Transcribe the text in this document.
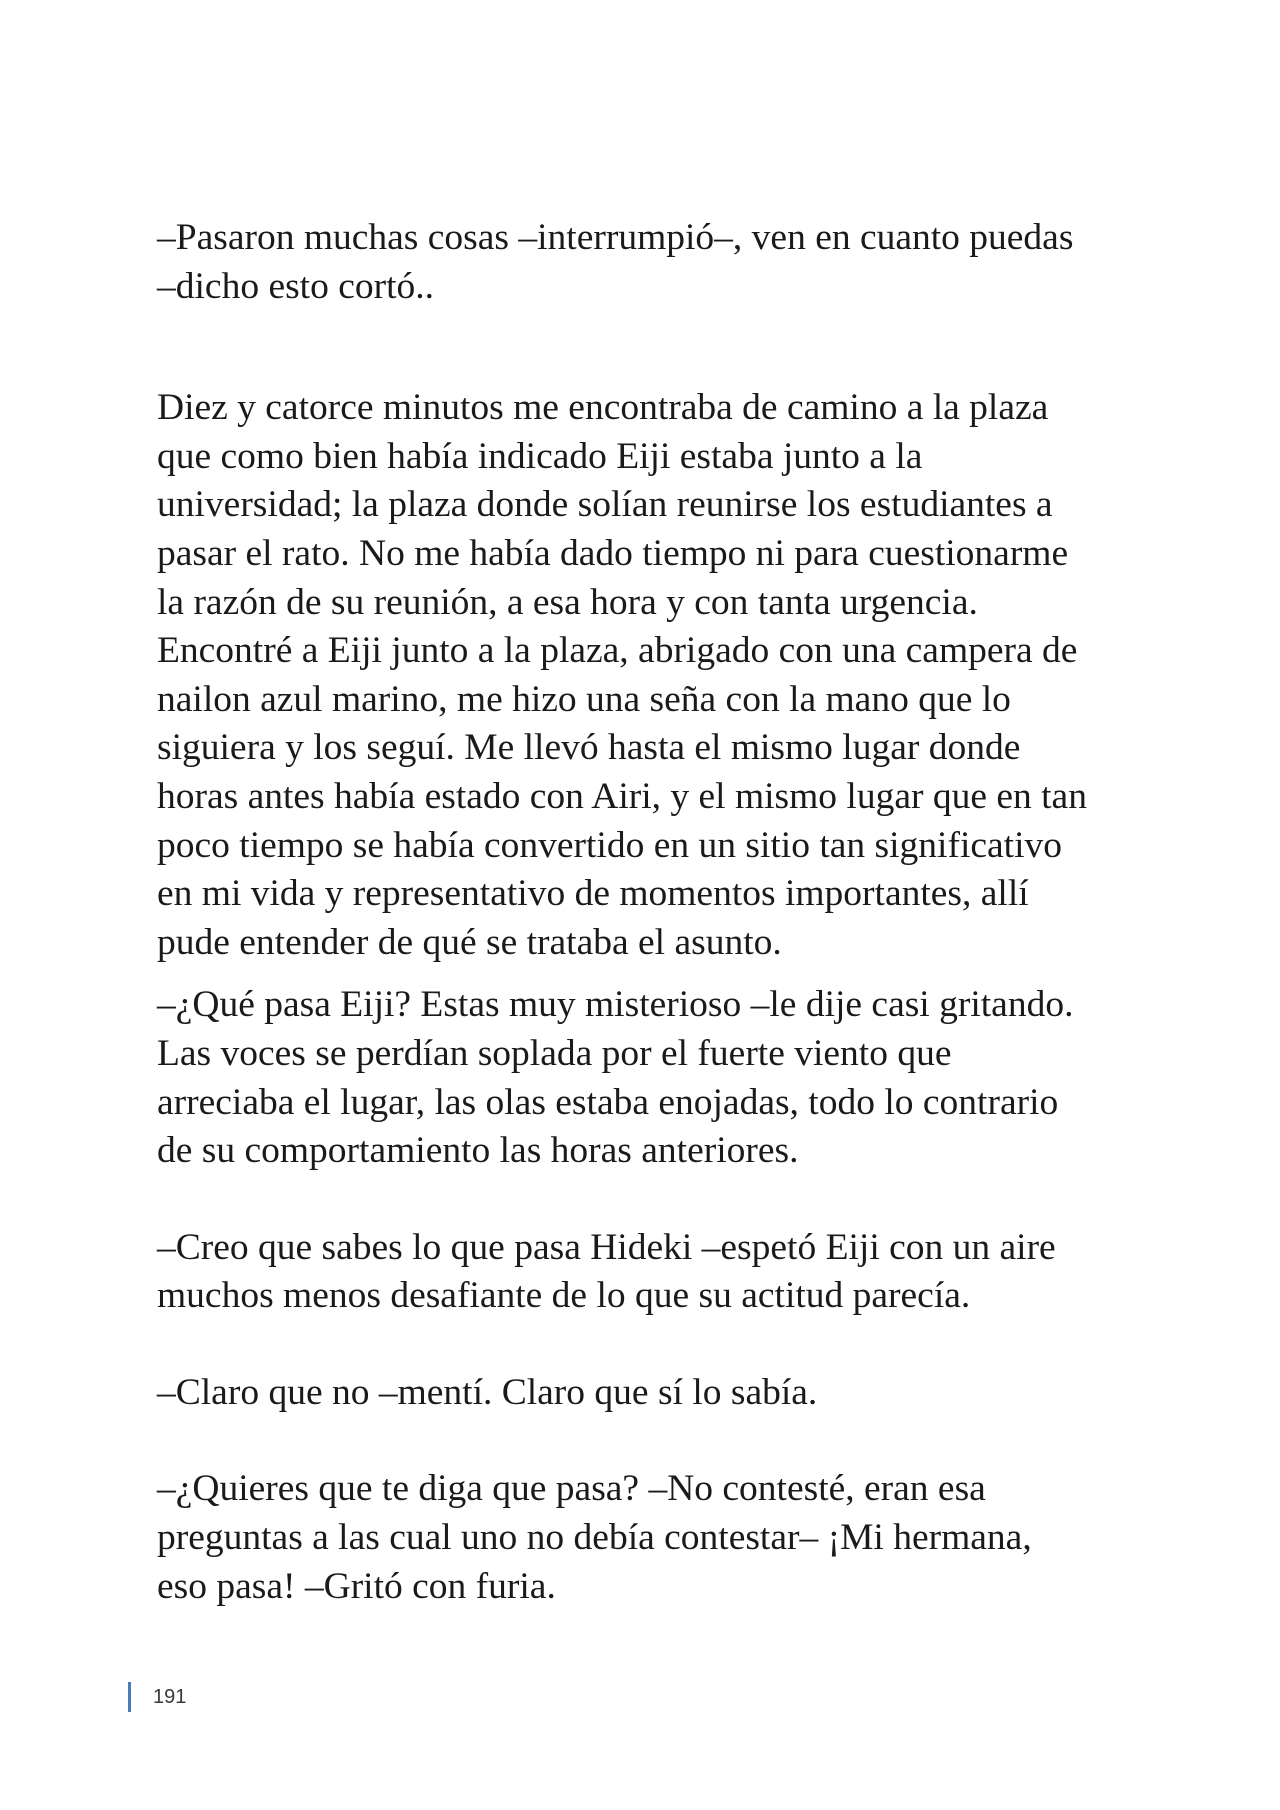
–Pasaron muchas cosas –interrumpió–, ven en cuanto puedas
–dicho esto cortó..

Diez y catorce minutos me encontraba de camino a la plaza
que como bien había indicado Eiji estaba junto a la
universidad; la plaza donde solían reunirse los estudiantes a
pasar el rato. No me había dado tiempo ni para cuestionarme
la razón de su reunión, a esa hora y con tanta urgencia.
Encontré a Eiji junto a la plaza, abrigado con una campera de
nailon azul marino, me hizo una seña con la mano que lo
siguiera y los seguí. Me llevó hasta el mismo lugar donde
horas antes había estado con Airi, y el mismo lugar que en tan
poco tiempo se había convertido en un sitio tan significativo
en mi vida y representativo de momentos importantes, allí
pude entender de qué se trataba el asunto.

–¿Qué pasa Eiji? Estas muy misterioso –le dije casi gritando.
Las voces se perdían soplada por el fuerte viento que
arreciaba el lugar, las olas estaba enojadas, todo lo contrario
de su comportamiento las horas anteriores.

–Creo que sabes lo que pasa Hideki –espetó Eiji con un aire
muchos menos desafiante de lo que su actitud parecía.

–Claro que no –mentí. Claro que sí lo sabía.

–¿Quieres que te diga que pasa? –No contesté, eran esa
preguntas a las cual uno no debía contestar– ¡Mi hermana,
eso pasa! –Gritó con furia.

191
